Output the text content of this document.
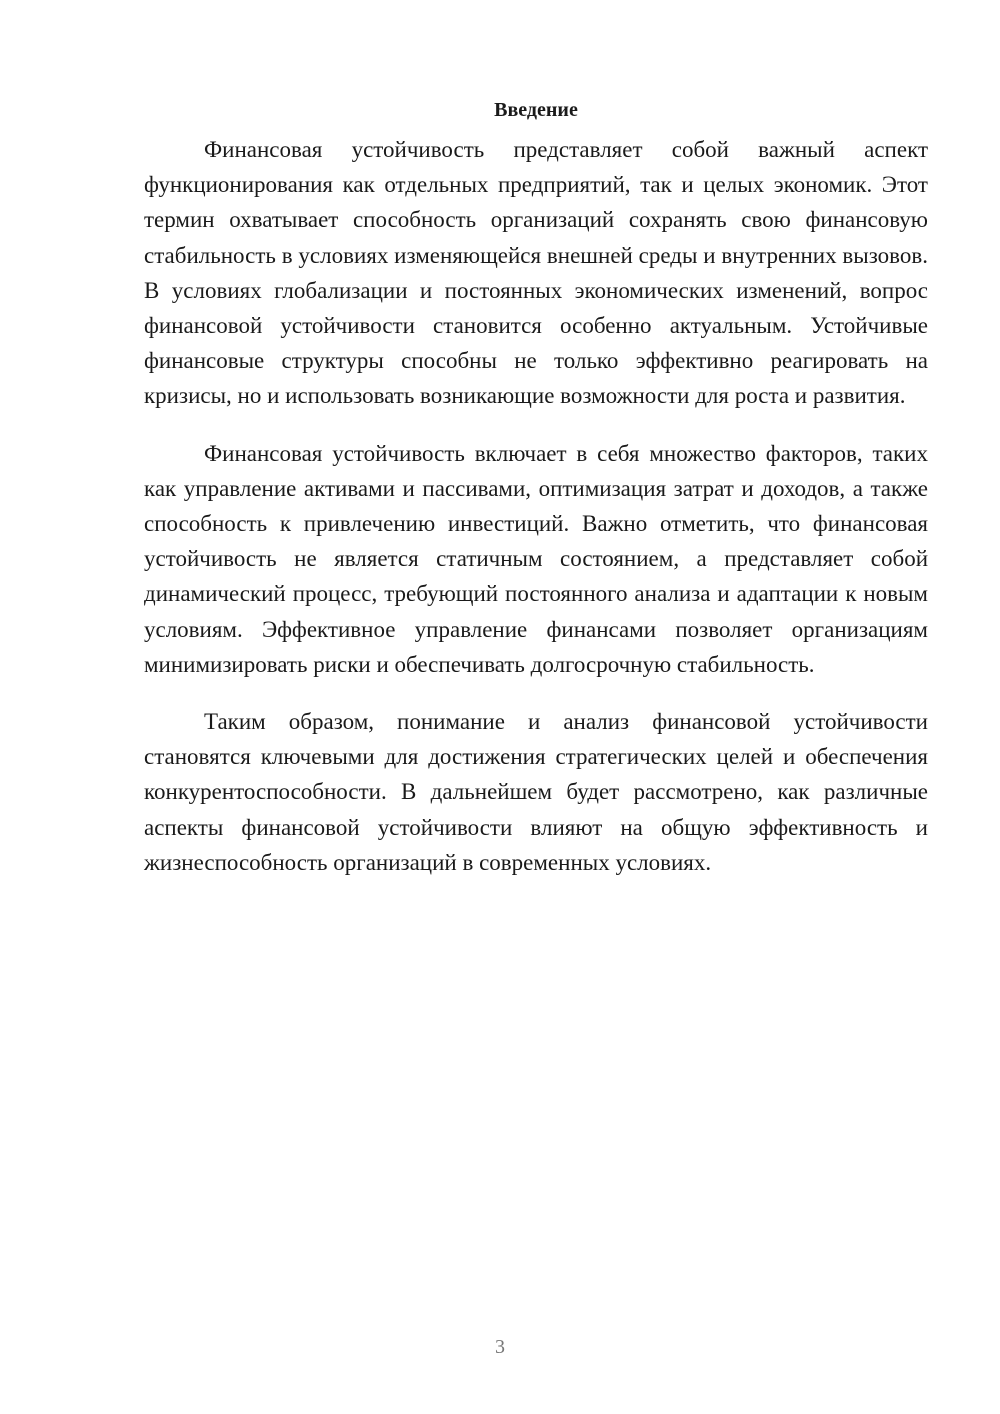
Введение

Финансовая устойчивость представляет собой важный аспект функционирования как отдельных предприятий, так и целых экономик. Этот термин охватывает способность организаций сохранять свою финансовую стабильность в условиях изменяющейся внешней среды и внутренних вызовов. В условиях глобализации и постоянных экономических изменений, вопрос финансовой устойчивости становится особенно актуальным. Устойчивые финансовые структуры способны не только эффективно реагировать на кризисы, но и использовать возникающие возможности для роста и развития.

Финансовая устойчивость включает в себя множество факторов, таких как управление активами и пассивами, оптимизация затрат и доходов, а также способность к привлечению инвестиций. Важно отметить, что финансовая устойчивость не является статичным состоянием, а представляет собой динамический процесс, требующий постоянного анализа и адаптации к новым условиям. Эффективное управление финансами позволяет организациям минимизировать риски и обеспечивать долгосрочную стабильность.

Таким образом, понимание и анализ финансовой устойчивости становятся ключевыми для достижения стратегических целей и обеспечения конкурентоспособности. В дальнейшем будет рассмотрено, как различные аспекты финансовой устойчивости влияют на общую эффективность и жизнеспособность организаций в современных условиях.

3
